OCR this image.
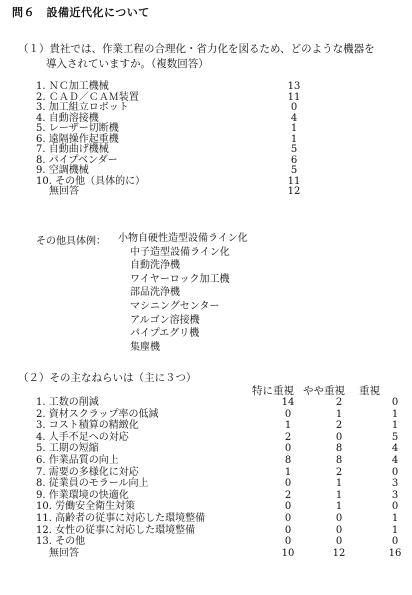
問６　設備近代化について
（１）貴社では、作業工程の合理化・省力化を図るため、どのような機器を
導入されていますか。（複数回答）
1. ＮＣ加工機械	13
2. ＣＡＤ／ＣＡＭ装置	11
3. 加工組立ロボット	0
4. 自動溶接機	4
5. レーザー切断機	1
6. 遠隔操作起重機	1
7. 自動曲げ機械	5
8. パイプベンダー	6
9. 空調機械	5
10. その他（具体的に）	11
無回答	12
その他具体例： 小物自硬性造型設備ライン化
中子造型設備ライン化
自動洗浄機
ワイヤーロック加工機
部品洗浄機
マシニングセンター
アルゴン溶接機
パイプエグリ機
集塵機
（２）その主なねらいは（主に３つ）
特に重視 やや重視 重視
1. 工数の削減	14	2	0
2. 資材スクラップ率の低減	0	1	1
3. コスト積算の精緻化	1	2	1
4. 人手不足への対応	2	0	5
5. 工期の短縮	0	8	4
6. 作業品質の向上	8	8	4
7. 需要の多様化に対応	1	2	0
8. 従業員のモラール向上	0	1	3
9. 作業環境の快適化	2	1	3
10. 労働安全衛生対策	0	1	0
11. 高齢者の従事に対応した環境整備	0	0	1
12. 女性の従事に対応した環境整備	0	0	1
13. その他	0	0	0
無回答	10	12	16
